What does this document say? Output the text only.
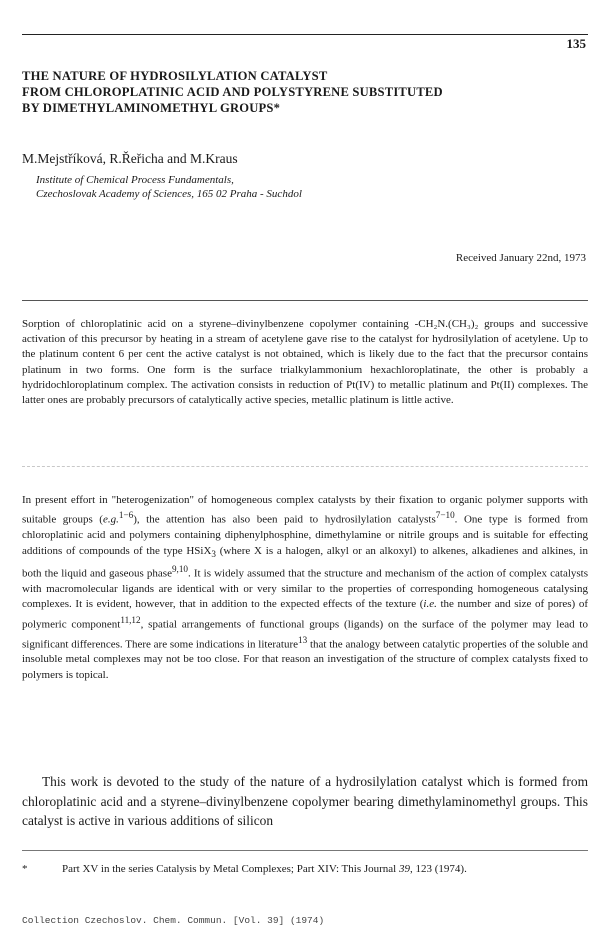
135
THE NATURE OF HYDROSILYLATION CATALYST
FROM CHLOROPLATINIC ACID AND POLYSTYRENE SUBSTITUTED
BY DIMETHYLAMINOMETHYL GROUPS*
M.Mejstříková, R.Řeřicha and M.Kraus
Institute of Chemical Process Fundamentals,
Czechoslovak Academy of Sciences, 165 02 Praha - Suchdol
Received January 22nd, 1973

Sorption of chloroplatinic acid on a styrene–divinylbenzene copolymer containing -CH₂N.(CH₃)₂ groups and successive activation of this precursor by heating in a stream of acetylene gave rise to the catalyst for hydrosilylation of acetylene. Up to the platinum content 6 per cent the active catalyst is not obtained, which is likely due to the fact that the precursor contains platinum in two forms. One form is the surface trialkylammonium hexachloroplatinate, the other is probably a hydridochloroplatinum complex. The activation consists in reduction of Pt(IV) to metallic platinum and Pt(II) complexes. The latter ones are probably precursors of catalytically active species, metallic platinum is little active.

In present effort in "heterogenization" of homogeneous complex catalysts by their fixation to organic polymer supports with suitable groups (e.g.$^{1-6}$), the attention has also been paid to hydrosilylation catalysts$^{7-10}$. One type is formed from chloroplatinic acid and polymers containing diphenylphosphine, dimethylamine or nitrile groups and is suitable for effecting additions of compounds of the type HSiX$_3$ (where X is a halogen, alkyl or an alkoxyl) to alkenes, alkadienes and alkines, in both the liquid and gaseous phase$^{9,10}$. It is widely assumed that the structure and mechanism of the action of complex catalysts with macromolecular ligands are identical with or very similar to the properties of corresponding homogeneous catalysing complexes. It is evident, however, that in addition to the expected effects of the texture (i.e. the number and size of pores) of polymeric component$^{11,12}$, spatial arrangements of functional groups (ligands) on the surface of the polymer may lead to significant differences. There are some indications in literature$^{13}$ that the analogy between catalytic properties of the soluble and insoluble metal complexes may not be too close. For that reason an investigation of the structure of complex catalysts fixed to polymers is topical.

This work is devoted to the study of the nature of a hydrosilylation catalyst which is formed from chloroplatinic acid and a styrene–divinylbenzene copolymer bearing dimethylaminomethyl groups. This catalyst is active in various additions of silicon

*	Part XV in the series Catalysis by Metal Complexes; Part XIV: This Journal 39, 123 (1974).

Collection Czechoslov. Chem. Commun. [Vol. 39] (1974)
